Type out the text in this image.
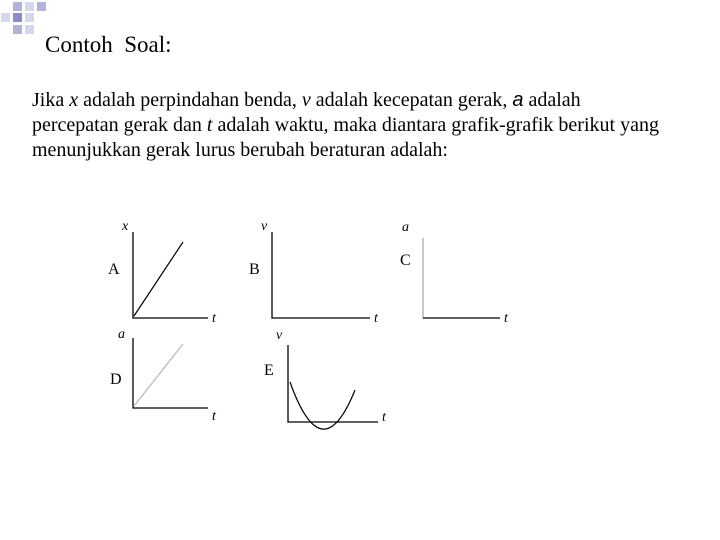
Contoh  Soal:

Jika x adalah perpindahan benda, v adalah kecepatan gerak, a adalah percepatan gerak dan t adalah waktu, maka diantara grafik-grafik berikut yang menunjukkan gerak lurus berubah beraturan adalah:

x
A
t
v
B
t
a
C
t
a
D
t
v
E
t
